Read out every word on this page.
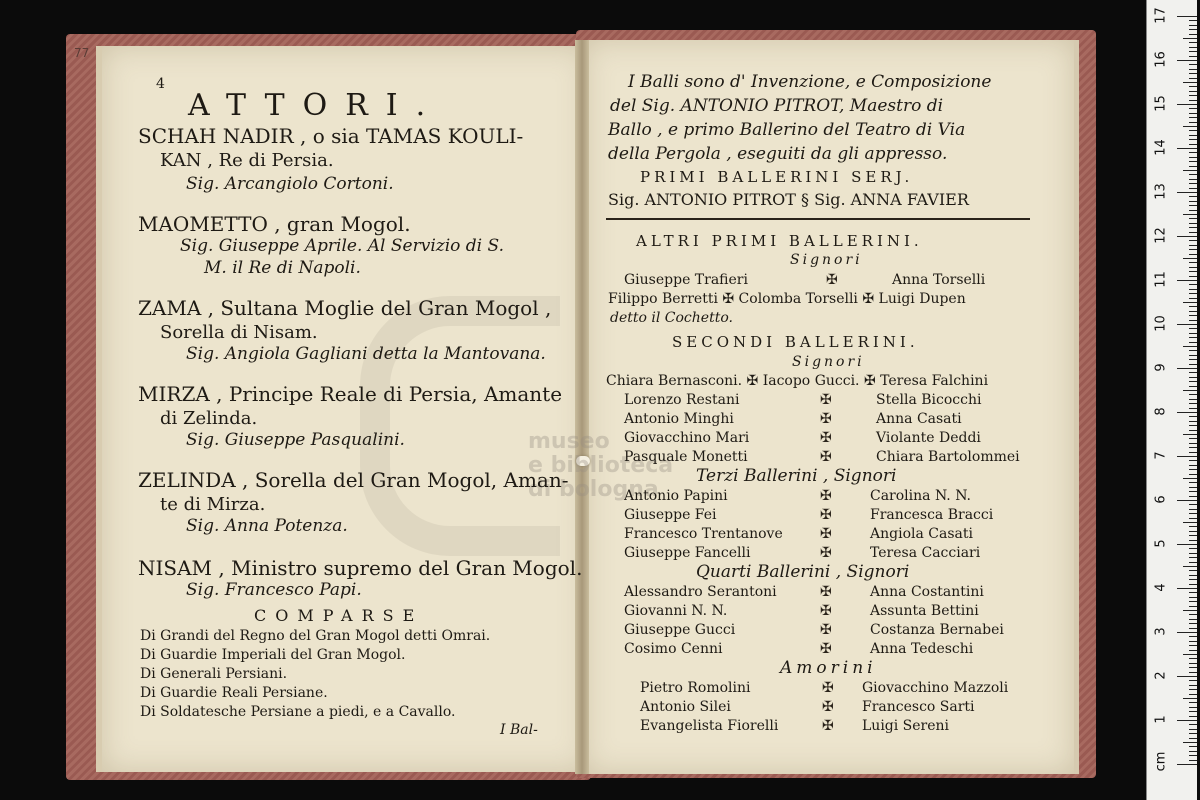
77
museo
e biblioteca
di bologna
4
ATTORI.
SCHAH NADIR , o sia TAMAS KOULI-
KAN , Re di Persia.
Sig. Arcangiolo Cortoni.
MAOMETTO , gran Mogol.
Sig. Giuseppe Aprile. Al Servizio di S.
M. il Re di Napoli.
ZAMA , Sultana Moglie del Gran Mogol ,
Sorella di Nisam.
Sig. Angiola Gagliani detta la Mantovana.
MIRZA , Principe Reale di Persia, Amante
di Zelinda.
Sig. Giuseppe Pasqualini.
ZELINDA , Sorella del Gran Mogol, Aman-
te di Mirza.
Sig. Anna Potenza.
NISAM , Ministro supremo del Gran Mogol.
Sig. Francesco Papi.
COMPARSE
Di Grandi del Regno del Gran Mogol detti Omrai.
Di Guardie Imperiali del Gran Mogol.
Di Generali Persiani.
Di Guardie Reali Persiane.
Di Soldatesche Persiane a piedi, e a Cavallo.
I Bal-
I Balli sono d' Invenzione, e Composizione
del Sig. ANTONIO PITROT, Maestro di
Ballo , e primo Ballerino del Teatro di Via
della Pergola , eseguiti da gli appresso.
PRIMI BALLERINI SERJ.
Sig. ANTONIO PITROT § Sig. ANNA FAVIER
ALTRI PRIMI BALLERINI.
Signori
Giuseppe Trafieri	✠	Anna Torselli
Filippo Berretti ✠ Colomba Torselli ✠ Luigi Dupen
detto il Cochetto.
SECONDI BALLERINI.
Signori
Chiara Bernasconi. ✠ Iacopo Gucci. ✠ Teresa Falchini
Lorenzo Restani	✠	Stella Bicocchi
Antonio Minghi	✠	Anna Casati
Giovacchino Mari	✠	Violante Deddi
Pasquale Monetti	✠	Chiara Bartolommei
Terzi Ballerini , Signori
Antonio Papini	✠	Carolina N. N.
Giuseppe Fei	✠	Francesca Bracci
Francesco Trentanove	✠	Angiola Casati
Giuseppe Fancelli	✠	Teresa Cacciari
Quarti Ballerini , Signori
Alessandro Serantoni	✠	Anna Costantini
Giovanni N. N.	✠	Assunta Bettini
Giuseppe Gucci	✠	Costanza Bernabei
Cosimo Cenni	✠	Anna Tedeschi
Amorini
Pietro Romolini	✠ Giovacchino Mazzoli
Antonio Silei	✠ Francesco Sarti
Evangelista Fiorelli	✠ Luigi Sereni
cm
1
2
3
4
5
6
7
8
9
10
11
12
13
14
15
16
17
